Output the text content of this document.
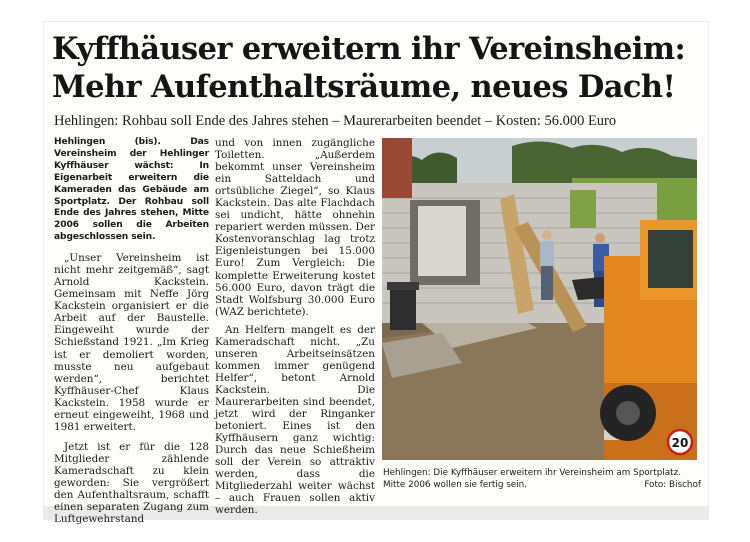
Kyffhäuser erweitern ihr Vereinsheim:
Mehr Aufenthaltsräume, neues Dach!
Hehlingen: Rohbau soll Ende des Jahres stehen – Maurerarbeiten beendet – Kosten: 56.000 Euro

Hehlingen (bis). Das Vereinsheim der Hehlinger Kyffhäuser wächst: In Eigenarbeit erweitern die Kameraden das Gebäude am Sportplatz. Der Rohbau soll Ende des Jahres stehen, Mitte 2006 sollen die Arbeiten abgeschlossen sein.

„Unser Vereinsheim ist nicht mehr zeitgemäß“, sagt Arnold Kackstein. Gemeinsam mit Neffe Jörg Kackstein organisiert er die Arbeit auf der Baustelle. Eingeweiht wurde der Schießstand 1921. „Im Krieg ist er demoliert worden, musste neu aufgebaut werden“, berichtet Kyffhäuser-Chef Klaus Kackstein. 1958 wurde er erneut eingeweiht, 1968 und 1981 erweitert.

Jetzt ist er für die 128 Mitglieder zählende Kameradschaft zu klein geworden: Sie vergrößert den Aufenthaltsraum, schafft einen separaten Zugang zum Luftgewehrstand

und von innen zugängliche Toiletten. „Außerdem bekommt unser Vereinsheim ein Satteldach und ortsübliche Ziegel“, so Klaus Kackstein. Das alte Flachdach sei undicht, hätte ohnehin repariert werden müssen. Der Kostenvoranschlag lag trotz Eigenleistungen bei 15.000 Euro! Zum Vergleich: Die komplette Erweiterung kostet 56.000 Euro, davon trägt die Stadt Wolfsburg 30.000 Euro (WAZ berichtete).

An Helfern mangelt es der Kameradschaft nicht. „Zu unseren Arbeitseinsätzen kommen immer genügend Helfer“, betont Arnold Kackstein. Die Maurerarbeiten sind beendet, jetzt wird der Ringanker betoniert. Eines ist den Kyffhäusern ganz wichtig: Durch das neue Schießheim soll der Verein so attraktiv werden, dass die Mitgliederzahl weiter wächst – auch Frauen sollen aktiv werden.

20
Hehlingen: Die Kyffhäuser erweitern ihr Vereinsheim am Sportplatz. Mitte 2006 wollen sie fertig sein.	Foto: Bischof
